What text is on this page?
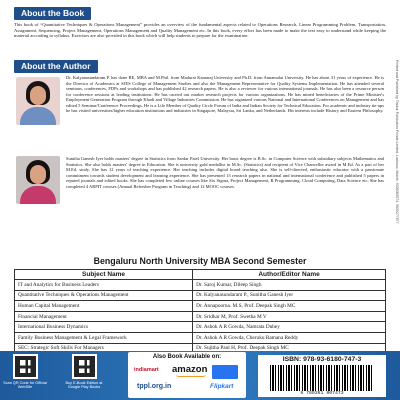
About the Book
This book of “Quantitative Techniques & Operations Management” provides an overview of the fundamental aspects related to Operations Research, Linear Programming Problem, Transportation, Assignment, Sequencing, Project Management, Operations Management and Quality Management etc. In this book, every effort has been made to make the text easy to understand while keeping the material according to syllabus. Exercises are also provided in this book which will help students to prepare for the examination.
About the Author
Dr. Kalyanasundaram P. has done BE, MBA and M.Phil. from Madurai Kamaraj University and Ph.D. from Annamalai University. He has about 31 years of experience. He is the Director of Academics at SJES College of Management Studies and also the Management Representative for Quality Systems Implementation. He has attended several seminars, conferences, FDPs and workshops and has published 42 research papers. He is also a reviewer for various international journals. He has also been a resource person for conference sessions at leading institutions. He has carried out market research projects for various organizations. He has mined beneficiaries of the Prime Minister's Employment Generation Program through Khadi and Village Industries Commission. He has organized various National and International Conferences on Management and has edited 5 Seminar/Conference Proceedings. He is a Life Member of Quality Circle Forum of India and Indian Society for Technical Education. For academic and industry tie-ups he has visited universities/higher education institutions and industries in Singapore, Malaysia, Sri Lanka, and Netherlands. His interests include History and Eastern Philosophy.
Sunitha Ganesh Iyer holds masters' degree in Statistics from Sardar Patel University. Her basic degree is B.Sc. in Computer Science with subsidiary subjects Mathematics and Statistics. She also holds masters' degree in Education. She is university gold medallist in M.Sc. (Statistics) and recipient of Vice Chancellor award in M.Ed. As a part of her M.Ed. study. She has 12 years of teaching experience. Her teaching includes digital board teaching also. She is self-directed, enthusiastic educator with a passionate commitment towards student development and learning experience. She has presented 13 research papers in national and international conference and published 5 papers in reputed journals and edited books. She has completed few online courses like Six Sigma, Project Management, R Programming, Cloud Computing, Data Science etc. She has completed 4 ARPIT courses (Annual Refresher Program in Teaching) and 12 MOOC courses.	Printed and Published by Thakur Publication Private Limited, Lucknow. Mobile: 9335055574, 9839277677
Bengaluru North University MBA Second Semester
Subject Name	Author/Editor Name
IT and Analytics for Business Leaders	Dr. Saroj Kumar, Dileep Singh
Quantitative Techniques & Operations Management	Dr. Kalyanasundaram P., Sunitha Ganesh Iyer
Human Capital Management	Dr. Annapoorna. M.S, Prof. Deepak Singh MC
Financial Management	Dr. Sridhar M, Prof. Swetha M V
International Business Dynamics	Dr. Ashok A R Gowda, Namrata Dubey
Family Business Management & Legal Framework	Dr. Ashok A R Gowda, Cheruku Ramana Reddy
SEC: Strategic Soft Skills For Managers	Dr. Sujitha Paul H, Prof. Deepak Singh MC
Scan QR Code for Official WebSite
Buy E-Book Edition at Google Play Books
Also Book Available on:
indiamart amazon
tppl.org.in	Flipkart
ISBN: 978-93-6180-747-3
9 789361 807473
